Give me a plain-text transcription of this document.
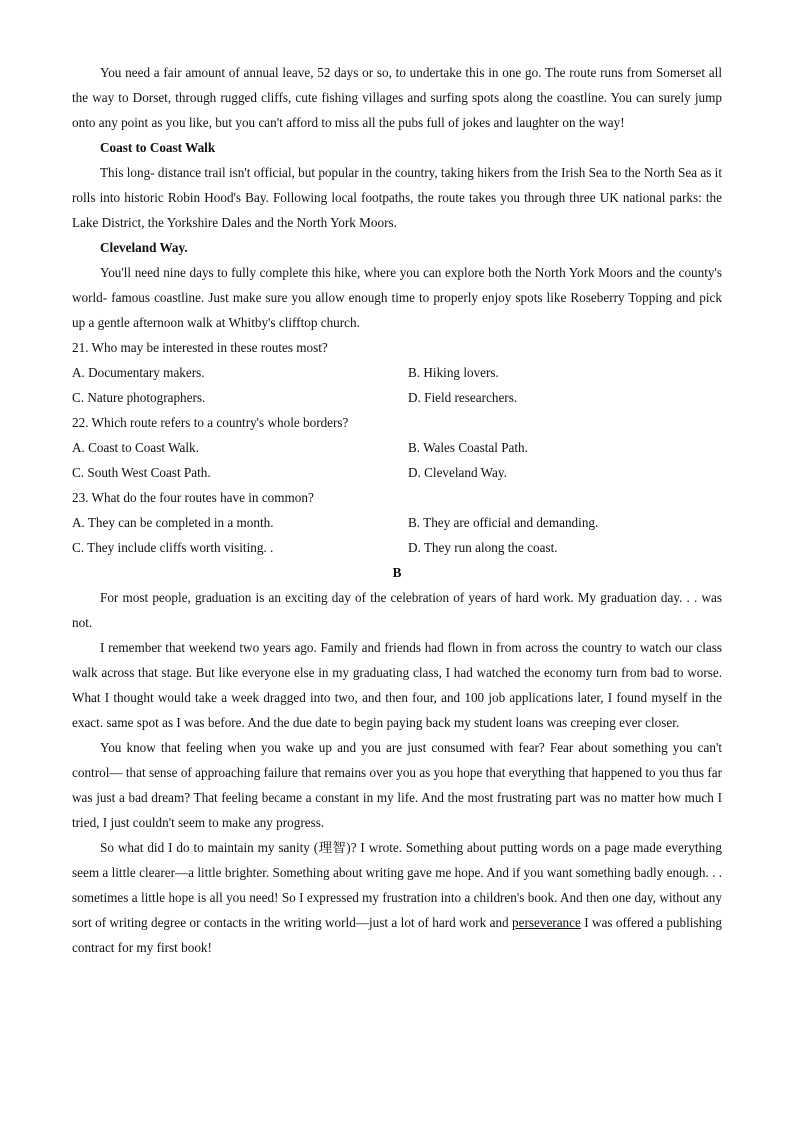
You need a fair amount of annual leave, 52 days or so, to undertake this in one go. The route runs from Somerset all the way to Dorset, through rugged cliffs, cute fishing villages and surfing spots along the coastline. You can surely jump onto any point as you like, but you can't afford to miss all the pubs full of jokes and laughter on the way!

Coast to Coast Walk

This long- distance trail isn't official, but popular in the country, taking hikers from the Irish Sea to the North Sea as it rolls into historic Robin Hood's Bay. Following local footpaths, the route takes you through three UK national parks: the Lake District, the Yorkshire Dales and the North York Moors.

Cleveland Way.

You'll need nine days to fully complete this hike, where you can explore both the North York Moors and the county's world- famous coastline. Just make sure you allow enough time to properly enjoy spots like Roseberry Topping and pick up a gentle afternoon walk at Whitby's clifftop church.

21. Who may be interested in these routes most?

A. Documentary makers.	B. Hiking lovers.

C. Nature photographers.	D. Field researchers.

22. Which route refers to a country's whole borders?

A. Coast to Coast Walk.	B. Wales Coastal Path.

C. South West Coast Path.	D. Cleveland Way.

23. What do the four routes have in common?

A. They can be completed in a month.	B. They are official and demanding.

C. They include cliffs worth visiting. .	D. They run along the coast.

B

For most people, graduation is an exciting day of the celebration of years of hard work. My graduation day. . . was not.

I remember that weekend two years ago. Family and friends had flown in from across the country to watch our class walk across that stage. But like everyone else in my graduating class, I had watched the economy turn from bad to worse. What I thought would take a week dragged into two, and then four, and 100 job applications later, I found myself in the exact. same spot as I was before. And the due date to begin paying back my student loans was creeping ever closer.

You know that feeling when you wake up and you are just consumed with fear? Fear about something you can't control— that sense of approaching failure that remains over you as you hope that everything that happened to you thus far was just a bad dream? That feeling became a constant in my life. And the most frustrating part was no matter how much I tried, I just couldn't seem to make any progress.

So what did I do to maintain my sanity (理智)? I wrote. Something about putting words on a page made everything seem a little clearer—a little brighter. Something about writing gave me hope. And if you want something badly enough. . . sometimes a little hope is all you need! So I expressed my frustration into a children's book. And then one day, without any sort of writing degree or contacts in the writing world—just a lot of hard work and perseverance I was offered a publishing contract for my first book!
